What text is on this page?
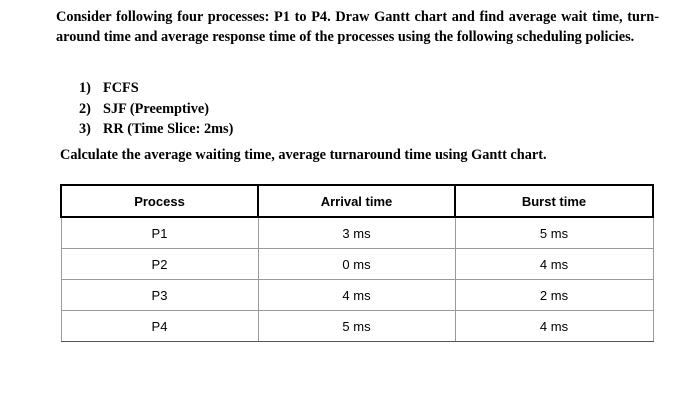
Consider following four processes: P1 to P4. Draw Gantt chart and find average wait time, turn-around time and average response time of the processes using the following scheduling policies.

1) FCFS
2) SJF (Preemptive)
3) RR (Time Slice: 2ms)

Calculate the average waiting time, average turnaround time using Gantt chart.

Process	Arrival time	Burst time
P1	3 ms	5 ms
P2	0 ms	4 ms
P3	4 ms	2 ms
P4	5 ms	4 ms
